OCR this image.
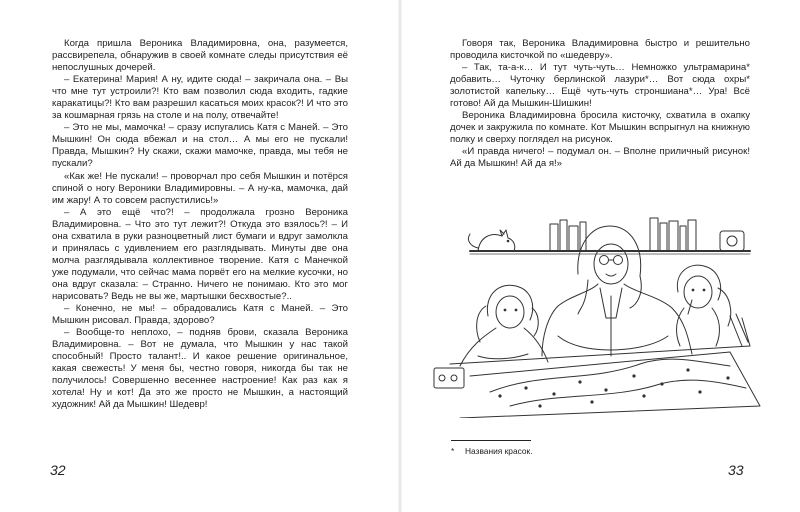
Когда пришла Вероника Владимировна, она, разумеется, рассвирепела, обнаружив в своей комнате следы присутствия её непослушных дочерей.

– Екатерина! Мария! А ну, идите сюда! – закричала она. – Вы что мне тут устроили?! Кто вам позволил сюда входить, гадкие каракатицы?! Кто вам разрешил касаться моих красок?! И что это за кошмарная грязь на столе и на полу, отвечайте!

– Это не мы, мамочка! – сразу испугались Катя с Маней. – Это Мышкин! Он сюда вбежал и на стол… А мы его не пускали! Правда, Мышкин? Ну скажи, скажи мамочке, правда, мы тебя не пускали?

«Как же! Не пускали! – проворчал про себя Мышкин и потёрся спиной о ногу Вероники Владимировны. – А ну-ка, мамочка, дай им жару! А то совсем распустились!»

– А это ещё что?! – продолжала грозно Вероника Владимировна. – Что это тут лежит?! Откуда это взялось?! – И она схватила в руки разноцветный лист бумаги и вдруг замолкла и принялась с удивлением его разглядывать. Минуты две она молча разглядывала коллективное творение. Катя с Манечкой уже подумали, что сейчас мама порвёт его на мелкие кусочки, но она вдруг сказала: – Странно. Ничего не понимаю. Кто это мог нарисовать? Ведь не вы же, мартышки бесхвостые?..

– Конечно, не мы! – обрадовались Катя с Маней. – Это Мышкин рисовал. Правда, здорово?

– Вообще-то неплохо, – подняв брови, сказала Вероника Владимировна. – Вот не думала, что Мышкин у нас такой способный! Просто талант!.. И какое решение оригинальное, какая свежесть! У меня бы, честно говоря, никогда бы так не получилось! Совершенно весеннее настроение! Как раз как я хотела! Ну и кот! Да это же просто не Мышкин, а настоящий художник! Ай да Мышкин! Шедевр!

32

Говоря так, Вероника Владимировна быстро и решительно проводила кисточкой по «шедевру».

– Так, та-а-к… И тут чуть-чуть… Немножко ультрамарина* добавить… Чуточку берлинской лазури*… Вот сюда охры* золотистой капельку… Ещё чуть-чуть строншиана*… Ура! Всё готово! Ай да Мышкин-Шишкин!

Вероника Владимировна бросила кисточку, схватила в охапку дочек и закружила по комнате. Кот Мышкин вспрыгнул на книжную полку и сверху поглядел на рисунок.

«И правда ничего! – подумал он. – Вполне приличный рисунок! Ай да Мышкин! Ай да я!»

* Названия красок.
33
